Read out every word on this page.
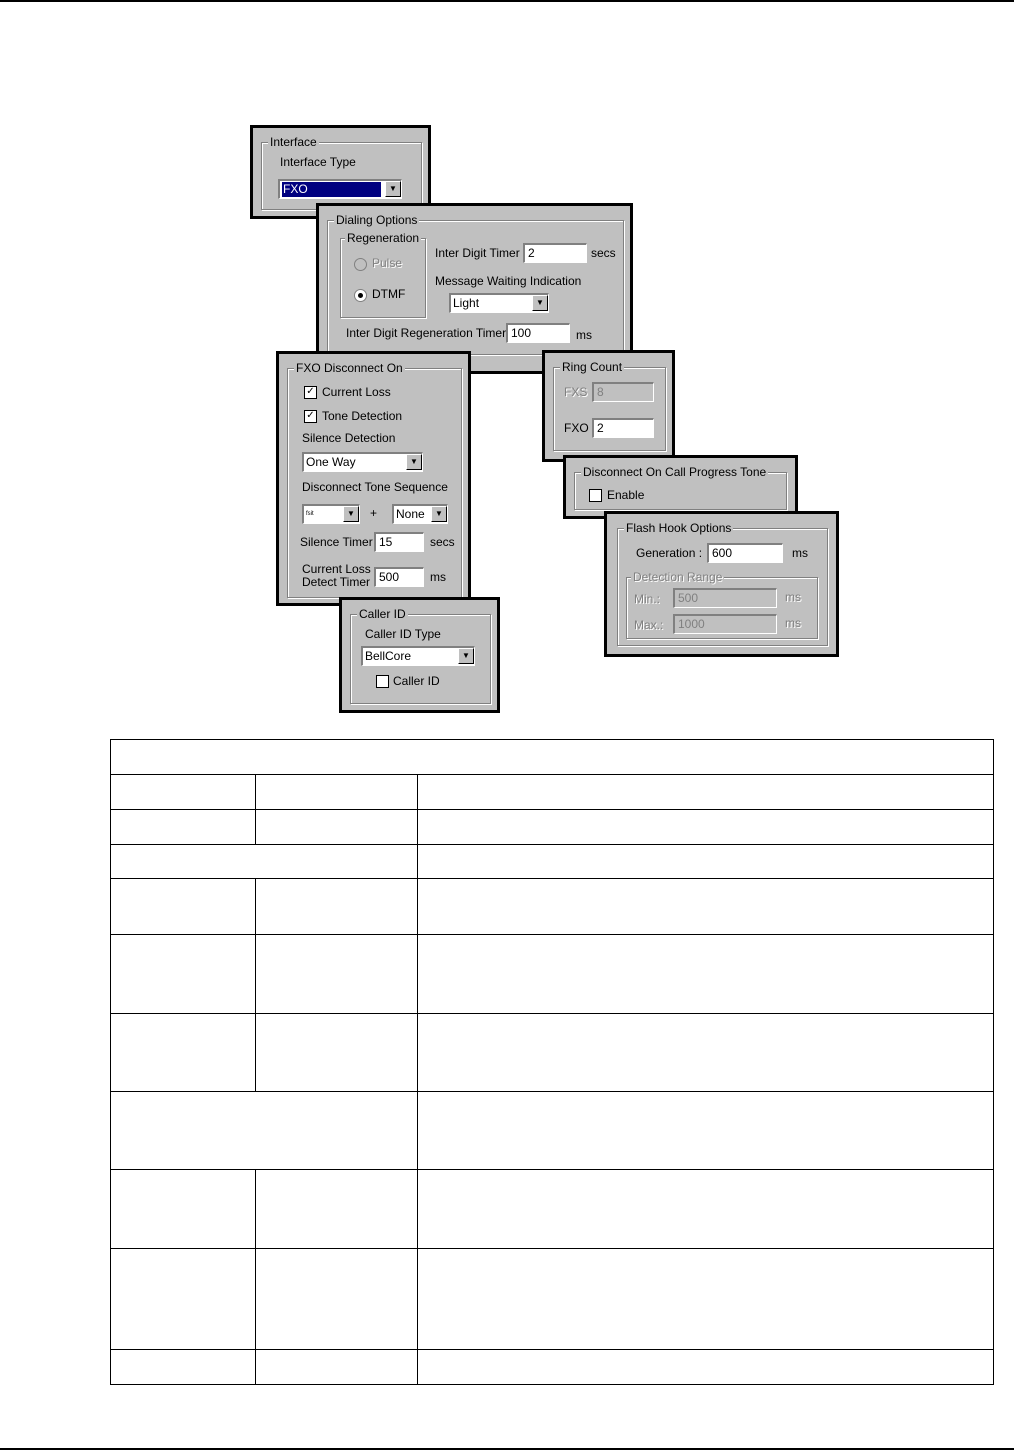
Interface
Interface Type
FXO	▼
Dialing Options
Regeneration
Pulse
DTMF
Inter Digit Timer 2	secs
Message Waiting Indication
Light	▼
Inter Digit Regeneration Timer 100	ms
FXO Disconnect On
✓ Current Loss
✓ Tone Detection
Silence Detection
One Way	▼
Disconnect Tone Sequence
fsit	▼	+ None	▼
Silence Timer 15	secs
Current Loss
Detect Timer 500	ms
Ring Count
FXS 8
FXO 2
Disconnect On Call Progress Tone
Enable
Flash Hook Options
Generation : 600	ms
Detection Range
Min.:	500	ms
Max.:	1000	ms
Caller ID
Caller ID Type
BellCore	▼
Caller ID
